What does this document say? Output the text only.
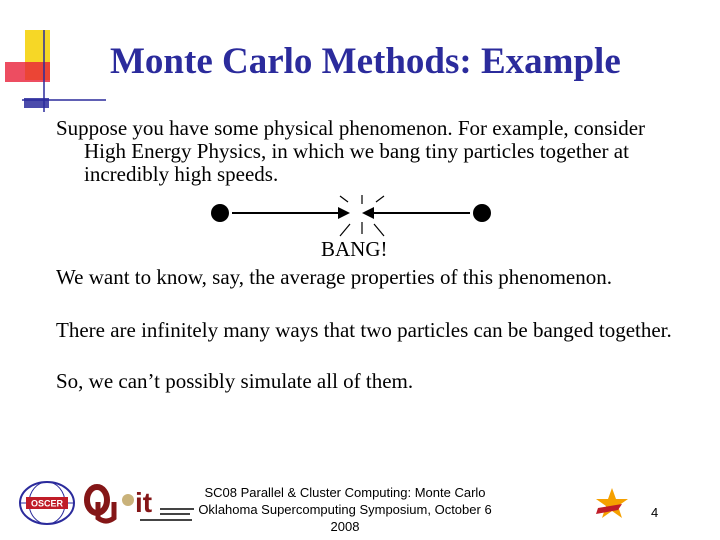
Monte Carlo Methods: Example

Suppose you have some physical phenomenon. For example, consider High Energy Physics, in which we bang tiny particles together at incredibly high speeds.

BANG!

We want to know, say, the average properties of this phenomenon.

There are infinitely many ways that two particles can be banged together.

So, we can’t possibly simulate all of them.

OSCER	it	SC08 Parallel & Cluster Computing: Monte Carlo
Oklahoma Supercomputing Symposium, October 6 2008
4
